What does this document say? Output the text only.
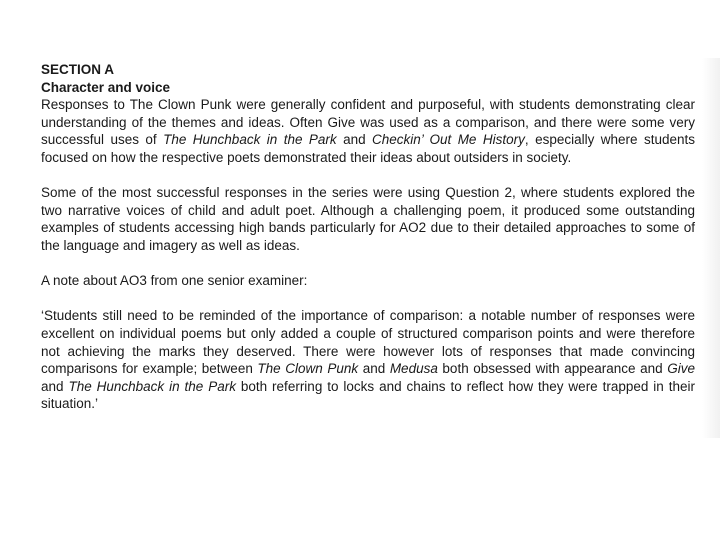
SECTION A
Character and voice

Responses to The Clown Punk were generally confident and purposeful, with students demonstrating clear understanding of the themes and ideas. Often Give was used as a comparison, and there were some very successful uses of The Hunchback in the Park and Checkin’ Out Me History, especially where students focused on how the respective poets demonstrated their ideas about outsiders in society.

Some of the most successful responses in the series were using Question 2, where students explored the two narrative voices of child and adult poet. Although a challenging poem, it produced some outstanding examples of students accessing high bands particularly for AO2 due to their detailed approaches to some of the language and imagery as well as ideas.

A note about AO3 from one senior examiner:

‘Students still need to be reminded of the importance of comparison: a notable number of responses were excellent on individual poems but only added a couple of structured comparison points and were therefore not achieving the marks they deserved. There were however lots of responses that made convincing comparisons for example; between The Clown Punk and Medusa both obsessed with appearance and Give and The Hunchback in the Park both referring to locks and chains to reflect how they were trapped in their situation.’
